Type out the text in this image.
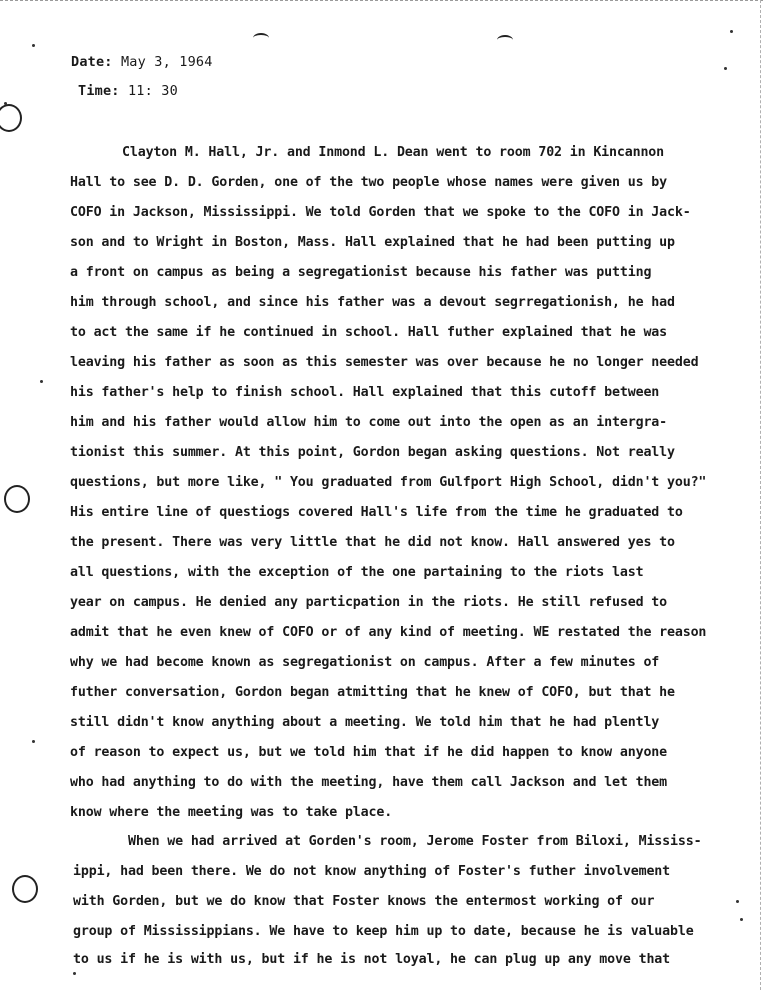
Date: May 3, 1964
Time: 11: 30
Clayton M. Hall, Jr. and Inmond L. Dean went to room 702 in Kincannon
Hall to see D. D. Gorden, one of the two people whose names were given us by
COFO in Jackson, Mississippi. We told Gorden that we spoke to the COFO in Jack-
son and to Wright in Boston, Mass. Hall explained that he had been putting up
a front on campus as being a segregationist because his father was putting
him through school, and since his father was a devout segrregationish, he had
to act the same if he continued in school. Hall futher explained that he was
leaving his father as soon as this semester was over because he no longer needed
his father's help to finish school. Hall explained that this cutoff between
him and his father would allow him to come out into the open as an intergra-
tionist this summer. At this point, Gordon began asking questions. Not really
questions, but more like, " You graduated from Gulfport High School, didn't you?"
His entire line of questiogs covered Hall's life from the time he graduated to
the present. There was very little that he did not know. Hall answered yes to
all questions, with the exception of the one partaining to the riots last
year on campus. He denied any particpation in the riots. He still refused to
admit that he even knew of COFO or of any kind of meeting. WE restated the reason
why we had become known as segregationist on campus. After a few minutes of
futher conversation, Gordon began atmitting that he knew of COFO, but that he
still didn't know anything about a meeting. We told him that he had plently
of reason to expect us, but we told him that if he did happen to know anyone
who had anything to do with the meeting, have them call Jackson and let them
know where the meeting was to take place.
When we had arrived at Gorden's room, Jerome Foster from Biloxi, Mississ-
ippi, had been there. We do not know anything of Foster's futher involvement
with Gorden, but we do know that Foster knows the entermost working of our
group of Mississippians. We have to keep him up to date, because he is valuable
to us if he is with us, but if he is not loyal, he can plug up any move that
